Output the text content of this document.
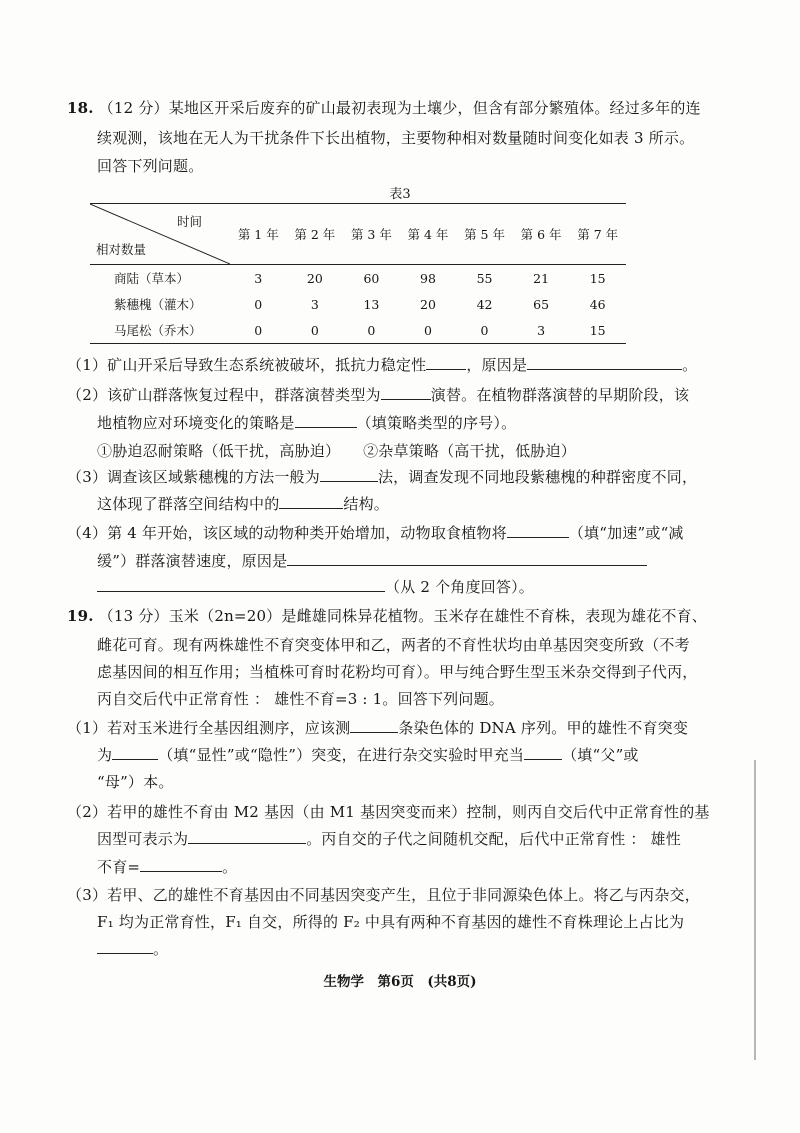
18. （12 分）某地区开采后废弃的矿山最初表现为土壤少，但含有部分繁殖体。经过多年的连
续观测，该地在无人为干扰条件下长出植物，主要物种相对数量随时间变化如表 3 所示。
回答下列问题。
表3
时间
相对数量	第 1 年	第 2 年	第 3 年	第 4 年	第 5 年	第 6 年	第 7 年
商陆（草本）	3	20	60	98	55	21	15
紫穗槐（灌木）	0	3	13	20	42	65	46
马尾松（乔木）	0	0	0	0	0	3	15
（1）矿山开采后导致生态系统被破坏，抵抗力稳定性	，原因是	。
（2）该矿山群落恢复过程中，群落演替类型为	演替。在植物群落演替的早期阶段，该
地植物应对环境变化的策略是	（填策略类型的序号）。
①胁迫忍耐策略（低干扰，高胁迫）　　②杂草策略（高干扰，低胁迫）
（3）调查该区域紫穗槐的方法一般为	法，调查发现不同地段紫穗槐的种群密度不同，
这体现了群落空间结构中的	结构。
（4）第 4 年开始，该区域的动物种类开始增加，动物取食植物将	（填“加速”或“减
缓”）群落演替速度，原因是
（从 2 个角度回答）。
19. （13 分）玉米（2n=20）是雌雄同株异花植物。玉米存在雄性不育株，表现为雄花不育、
雌花可育。现有两株雄性不育突变体甲和乙，两者的不育性状均由单基因突变所致（不考
虑基因间的相互作用；当植株可育时花粉均可育）。甲与纯合野生型玉米杂交得到子代丙，
丙自交后代中正常育性 ： 雄性不育=3 : 1。回答下列问题。
（1）若对玉米进行全基因组测序，应该测	条染色体的 DNA 序列。甲的雄性不育突变
为	（填“显性”或“隐性”）突变，在进行杂交实验时甲充当	（填“父”或
“母”）本。
（2）若甲的雄性不育由 M2 基因（由 M1 基因突变而来）控制，则丙自交后代中正常育性的基
因型可表示为	。丙自交的子代之间随机交配，后代中正常育性 ： 雄性
不育=	。
（3）若甲、乙的雄性不育基因由不同基因突变产生，且位于非同源染色体上。将乙与丙杂交，
F₁ 均为正常育性，F₁ 自交，所得的 F₂ 中具有两种不育基因的雄性不育株理论上占比为
。
生物学　第6页　(共8页)
